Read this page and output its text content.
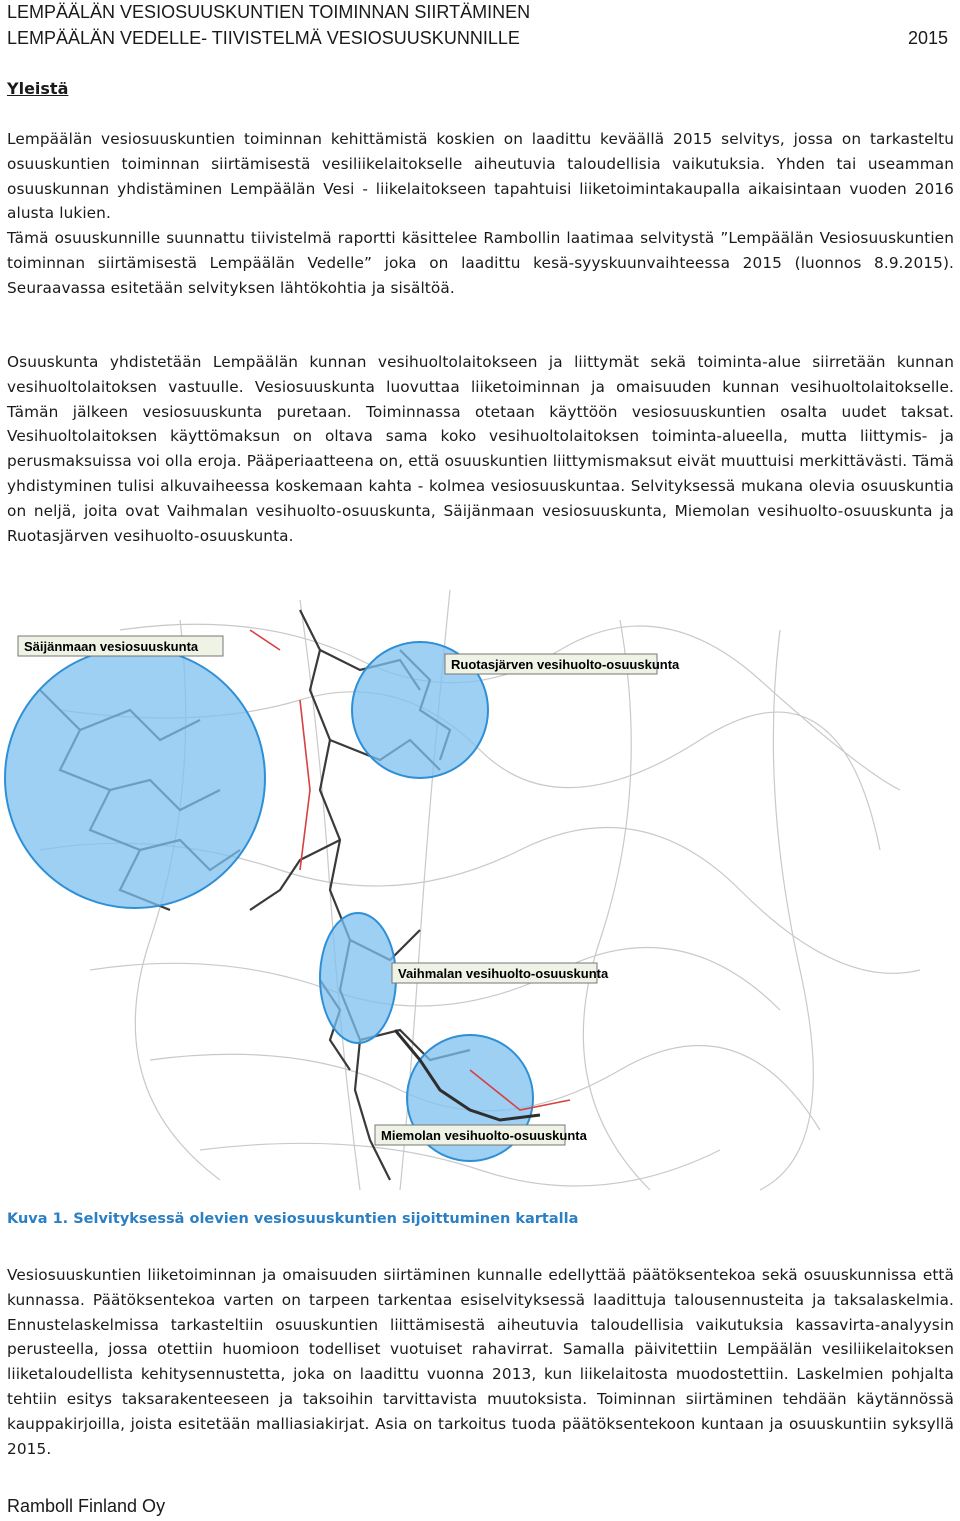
LEMPÄÄLÄN VESIOSUUSKUNTIEN TOIMINNAN SIIRTÄMINEN
LEMPÄÄLÄN VEDELLE- TIIVISTELMÄ VESIOSUUSKUNNILLE	2015
Yleistä

Lempäälän vesiosuuskuntien toiminnan kehittämistä koskien on laadittu keväällä 2015 selvitys, jossa on tarkasteltu osuuskuntien toiminnan siirtämisestä vesiliikelaitokselle aiheutuvia taloudellisia vaikutuksia. Yhden tai useamman osuuskunnan yhdistäminen Lempäälän Vesi - liikelaitokseen tapahtuisi liiketoimintakaupalla aikaisintaan vuoden 2016 alusta lukien.

Tämä osuuskunnille suunnattu tiivistelmä raportti käsittelee Rambollin laatimaa selvitystä ”Lempäälän Vesiosuuskuntien toiminnan siirtämisestä Lempäälän Vedelle” joka on laadittu kesä-syyskuunvaihteessa 2015 (luonnos 8.9.2015). Seuraavassa esitetään selvityksen lähtökohtia ja sisältöä.

Osuuskunta yhdistetään Lempäälän kunnan vesihuoltolaitokseen ja liittymät sekä toiminta-alue siirretään kunnan vesihuoltolaitoksen vastuulle. Vesiosuuskunta luovuttaa liiketoiminnan ja omaisuuden kunnan vesihuoltolaitokselle. Tämän jälkeen vesiosuuskunta puretaan. Toiminnassa otetaan käyttöön vesiosuuskuntien osalta uudet taksat. Vesihuoltolaitoksen käyttömaksun on oltava sama koko vesihuoltolaitoksen toiminta-alueella, mutta liittymis- ja perusmaksuissa voi olla eroja. Pääperiaatteena on, että osuuskuntien liittymismaksut eivät muuttuisi merkittävästi. Tämä yhdistyminen tulisi alkuvaiheessa koskemaan kahta - kolmea vesiosuuskuntaa. Selvityksessä mukana olevia osuuskuntia on neljä, joita ovat Vaihmalan vesihuolto-osuuskunta, Säijänmaan vesiosuuskunta, Miemolan vesihuolto-osuuskunta ja Ruotasjärven vesihuolto-osuuskunta.

Säijänmaan vesiosuuskunta
Ruotasjärven vesihuolto-osuuskunta
Vaihmalan vesihuolto-osuuskunta
Miemolan vesihuolto-osuuskunta
Kuva 1. Selvityksessä olevien vesiosuuskuntien sijoittuminen kartalla

Vesiosuuskuntien liiketoiminnan ja omaisuuden siirtäminen kunnalle edellyttää päätöksentekoa sekä osuuskunnissa että kunnassa. Päätöksentekoa varten on tarpeen tarkentaa esiselvityksessä laadittuja talousennusteita ja taksalaskelmia. Ennustelaskelmissa tarkasteltiin osuuskuntien liittämisestä aiheutuvia taloudellisia vaikutuksia kassavirta-analyysin perusteella, jossa otettiin huomioon todelliset vuotuiset rahavirrat. Samalla päivitettiin Lempäälän vesiliikelaitoksen liiketaloudellista kehitysennustetta, joka on laadittu vuonna 2013, kun liikelaitosta muodostettiin. Laskelmien pohjalta tehtiin esitys taksarakenteeseen ja taksoihin tarvittavista muutoksista. Toiminnan siirtäminen tehdään käytännössä kauppakirjoilla, joista esitetään malliasiakirjat. Asia on tarkoitus tuoda päätöksentekoon kuntaan ja osuuskuntiin syksyllä 2015.

Ramboll Finland Oy
